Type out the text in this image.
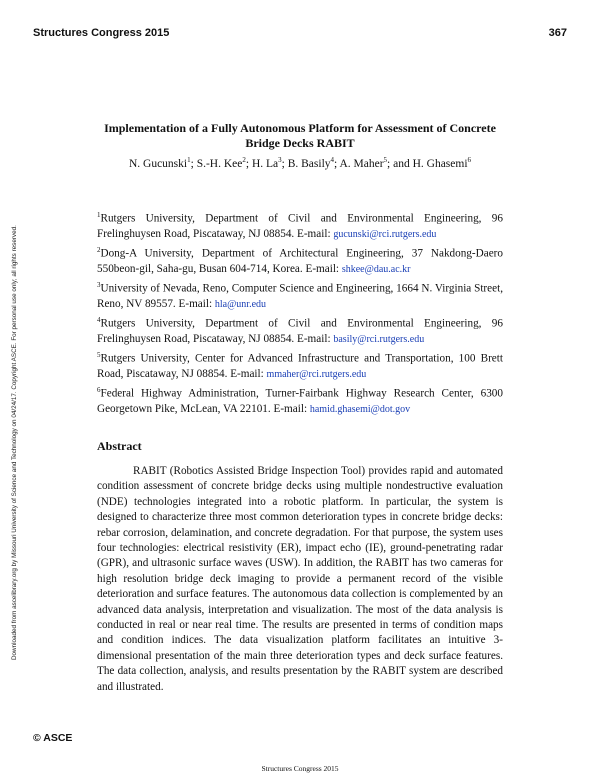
Structures Congress 2015	367
Downloaded from ascelibrary.org by Missouri University of Science and Technology on 04/24/17. Copyright ASCE. For personal use only; all rights reserved.
Implementation of a Fully Autonomous Platform for Assessment of Concrete
Bridge Decks RABIT
N. Gucunski$^1$; S.-H. Kee$^2$; H. La$^3$; B. Basily$^4$; A. Maher$^5$; and H. Ghasemi$^6$

$^1$Rutgers University, Department of Civil and Environmental Engineering, 96 Frelinghuysen Road, Piscataway, NJ 08854. E-mail: gucunski@rci.rutgers.edu

$^2$Dong-A University, Department of Architectural Engineering, 37 Nakdong-Daero 550beon-gil, Saha-gu, Busan 604-714, Korea. E-mail: shkee@dau.ac.kr

$^3$University of Nevada, Reno, Computer Science and Engineering, 1664 N. Virginia Street, Reno, NV 89557. E-mail: hla@unr.edu

$^4$Rutgers University, Department of Civil and Environmental Engineering, 96 Frelinghuysen Road, Piscataway, NJ 08854. E-mail: basily@rci.rutgers.edu

$^5$Rutgers University, Center for Advanced Infrastructure and Transportation, 100 Brett Road, Piscataway, NJ 08854. E-mail: mmaher@rci.rutgers.edu

$^6$Federal Highway Administration, Turner-Fairbank Highway Research Center, 6300 Georgetown Pike, McLean, VA 22101. E-mail: hamid.ghasemi@dot.gov

Abstract

RABIT (Robotics Assisted Bridge Inspection Tool) provides rapid and automated condition assessment of concrete bridge decks using multiple nondestructive evaluation (NDE) technologies integrated into a robotic platform. In particular, the system is designed to characterize three most common deterioration types in concrete bridge decks: rebar corrosion, delamination, and concrete degradation. For that purpose, the system uses four technologies: electrical resistivity (ER), impact echo (IE), ground-penetrating radar (GPR), and ultrasonic surface waves (USW). In addition, the RABIT has two cameras for high resolution bridge deck imaging to provide a permanent record of the visible deterioration and surface features. The autonomous data collection is complemented by an advanced data analysis, interpretation and visualization. The most of the data analysis is conducted in real or near real time. The results are presented in terms of condition maps and condition indices. The data visualization platform facilitates an intuitive 3-dimensional presentation of the main three deterioration types and deck surface features. The data collection, analysis, and results presentation by the RABIT system are described and illustrated.

© ASCE
Structures Congress 2015
